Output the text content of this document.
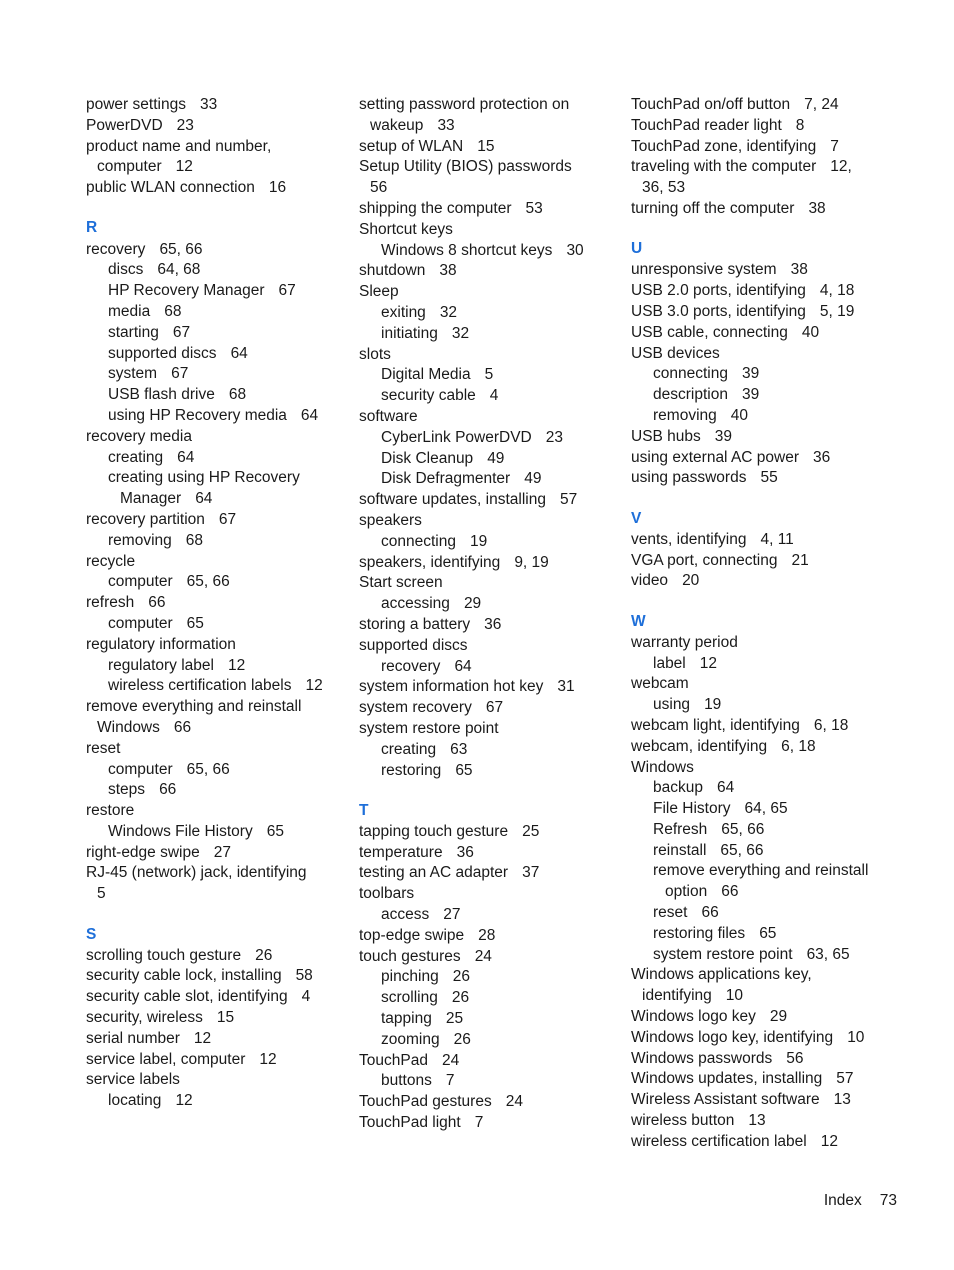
power settings 33
PowerDVD 23
product name and number,
computer 12
public WLAN connection 16
R
recovery 65, 66
discs 64, 68
HP Recovery Manager 67
media 68
starting 67
supported discs 64
system 67
USB flash drive 68
using HP Recovery media 64
recovery media
creating 64
creating using HP Recovery
Manager 64
recovery partition 67
removing 68
recycle
computer 65, 66
refresh 66
computer 65
regulatory information
regulatory label 12
wireless certification labels 12
remove everything and reinstall
Windows 66
reset
computer 65, 66
steps 66
restore
Windows File History 65
right-edge swipe 27
RJ-45 (network) jack, identifying
5
S
scrolling touch gesture 26
security cable lock, installing 58
security cable slot, identifying 4
security, wireless 15
serial number 12
service label, computer 12
service labels
locating 12
setting password protection on
wakeup 33
setup of WLAN 15
Setup Utility (BIOS) passwords
56
shipping the computer 53
Shortcut keys
Windows 8 shortcut keys 30
shutdown 38
Sleep
exiting 32
initiating 32
slots
Digital Media 5
security cable 4
software
CyberLink PowerDVD 23
Disk Cleanup 49
Disk Defragmenter 49
software updates, installing 57
speakers
connecting 19
speakers, identifying 9, 19
Start screen
accessing 29
storing a battery 36
supported discs
recovery 64
system information hot key 31
system recovery 67
system restore point
creating 63
restoring 65
T
tapping touch gesture 25
temperature 36
testing an AC adapter 37
toolbars
access 27
top-edge swipe 28
touch gestures 24
pinching 26
scrolling 26
tapping 25
zooming 26
TouchPad 24
buttons 7
TouchPad gestures 24
TouchPad light 7
TouchPad on/off button 7, 24
TouchPad reader light 8
TouchPad zone, identifying 7
traveling with the computer 12,
36, 53
turning off the computer 38
U
unresponsive system 38
USB 2.0 ports, identifying 4, 18
USB 3.0 ports, identifying 5, 19
USB cable, connecting 40
USB devices
connecting 39
description 39
removing 40
USB hubs 39
using external AC power 36
using passwords 55
V
vents, identifying 4, 11
VGA port, connecting 21
video 20
W
warranty period
label 12
webcam
using 19
webcam light, identifying 6, 18
webcam, identifying 6, 18
Windows
backup 64
File History 64, 65
Refresh 65, 66
reinstall 65, 66
remove everything and reinstall
option 66
reset 66
restoring files 65
system restore point 63, 65
Windows applications key,
identifying 10
Windows logo key 29
Windows logo key, identifying 10
Windows passwords 56
Windows updates, installing 57
Wireless Assistant software 13
wireless button 13
wireless certification label 12
Index 73
